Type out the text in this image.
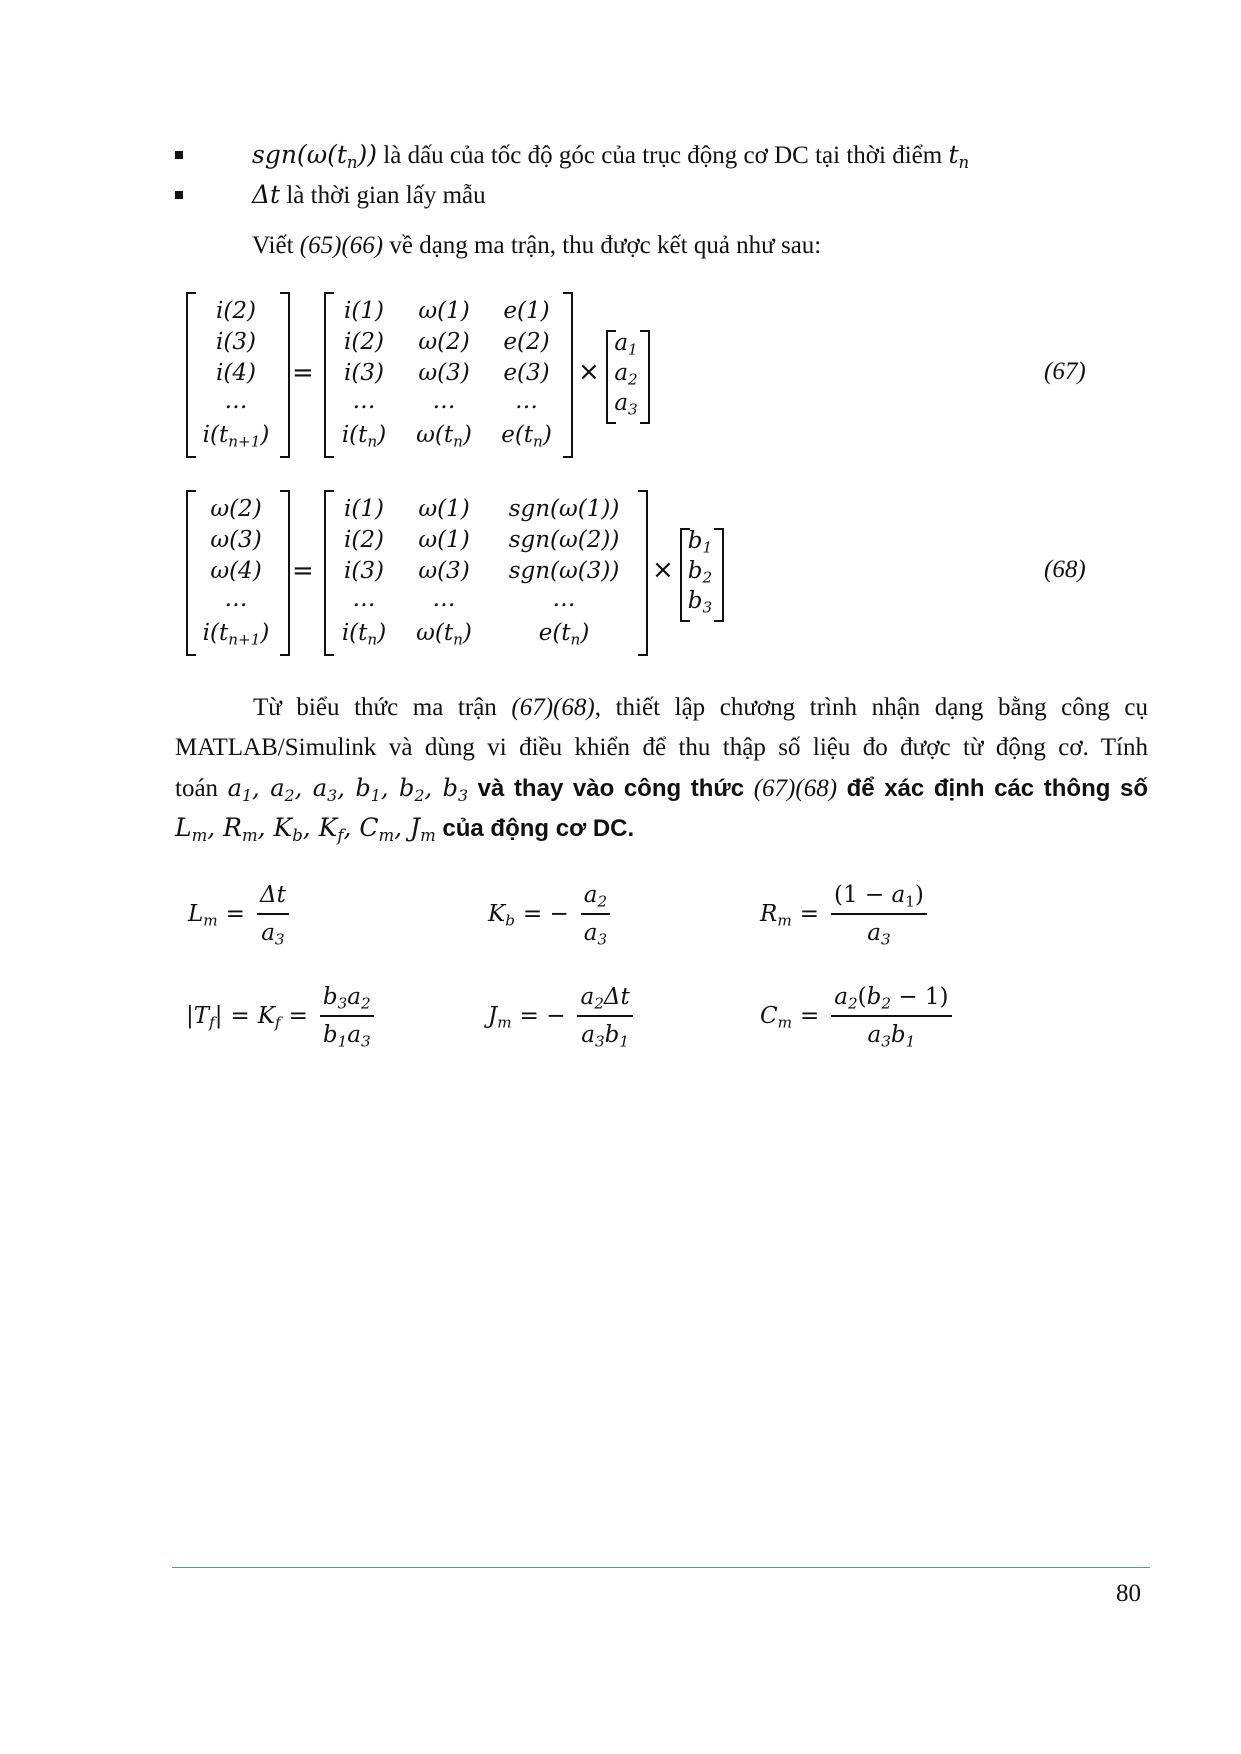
$sgn(\omega(t_n))$ là dấu của tốc độ góc của trục động cơ DC tại thời điểm $t_n$
Δt là thời gian lấy mẫu
Viết (65)(66) về dạng ma trận, thu được kết quả như sau:
i(2)
i(3)
i(4)
…
$i(t_{n+1})$
=
i(1)	ω(1)	e(1)
i(2)	ω(2)	e(2)
i(3)	ω(3)	e(3)
…	…	…
$i(t_n)$	$\omega(t_n)$	$e(t_n)$
×
$a_1$
$a_2$
$a_3$
(67)
ω(2)
ω(3)
ω(4)
…
$i(t_{n+1})$
=
i(1)	ω(1)	sgn(ω(1))
i(2)	ω(1)	sgn(ω(2))
i(3)	ω(3)	sgn(ω(3))
…	…	…
$i(t_n)$	$\omega(t_n)$	$e(t_n)$
×
$b_1$
$b_2$
$b_3$
(68)
Từ biểu thức ma trận (67)(68), thiết lập chương trình nhận dạng bằng công cụ
MATLAB/Simulink và dùng vi điều khiển để thu thập số liệu đo được từ động cơ. Tính
toán $a_1$, $a_2$, $a_3$, $b_1$, $b_2$, $b_3$ và thay vào công thức (67)(68) để xác định các thông số
$L_m$, $R_m$, $K_b$, $K_f$, $C_m$, $J_m$ của động cơ DC.
$L_m = \frac{\Delta t}{a_3}$	$K_b$ = − $\frac{a_2}{a_3}$	$R_m = \frac{(1 - a_1)}{a_3}$
$|T_f| = K_f = \frac{b_3a_2}{b_1a_3}$	$J_m$ = − $\frac{a_2\Delta t}{a_3b_1}$	$C_m = \frac{a_2(b_2 - 1)}{a_3b_1}$
80
